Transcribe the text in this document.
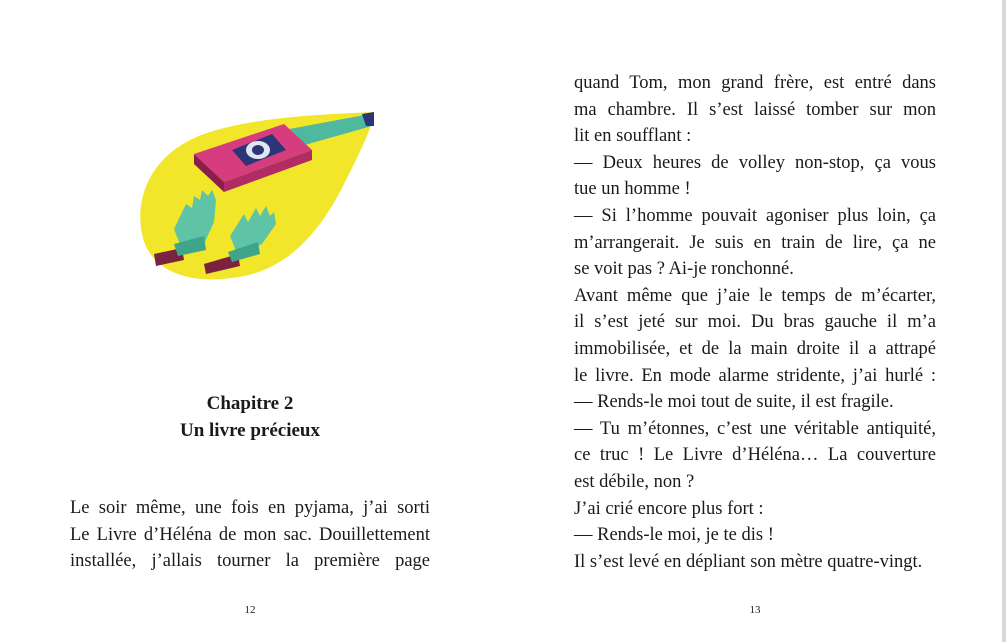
Chapitre 2
Un livre précieux
Le soir même, une fois en pyjama, j’ai sorti
Le Livre d’Héléna de mon sac. Douillettement
installée, j’allais tourner la première page
12
quand Tom, mon grand frère, est entré dans
ma chambre. Il s’est laissé tomber sur mon
lit en soufflant :
— Deux heures de volley non-stop, ça vous
tue un homme !
— Si l’homme pouvait agoniser plus loin, ça
m’arrangerait. Je suis en train de lire, ça ne
se voit pas ? Ai-je ronchonné.
Avant même que j’aie le temps de m’écarter,
il s’est jeté sur moi. Du bras gauche il m’a
immobilisée, et de la main droite il a attrapé
le livre. En mode alarme stridente, j’ai hurlé :
— Rends-le moi tout de suite, il est fragile.
— Tu m’étonnes, c’est une véritable antiquité,
ce truc ! Le Livre d’Héléna… La couverture
est débile, non ?
J’ai crié encore plus fort :
— Rends-le moi, je te dis !
Il s’est levé en dépliant son mètre quatre-vingt.
13
